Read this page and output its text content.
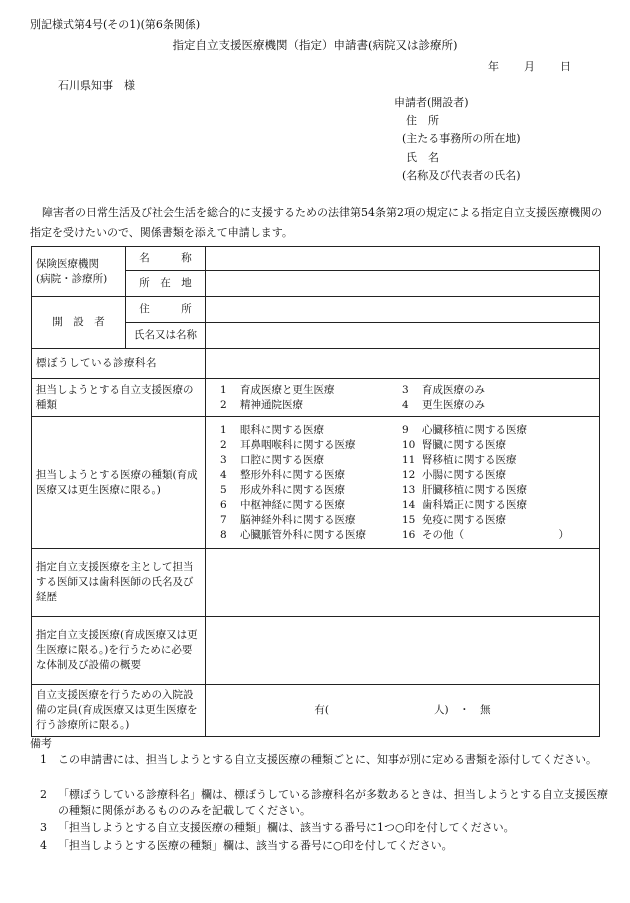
別記様式第4号(その1)(第6条関係)
指定自立支援医療機関（指定）申請書(病院又は診療所)
年 月 日
石川県知事　様
申請者(開設者)
住　所
(主たる事務所の所在地)
氏　名
(名称及び代表者の氏名)
障害者の日常生活及び社会生活を総合的に支援するための法律第54条第2項の規定による指定自立支援医療機関の指定を受けたいので、関係書類を添えて申請します。
保険医療機関
(病院・診療所)
	名　　　称	
所　在　地	
開　設　者	住　　　所	
氏名又は名称	
標ぼうしている診療科名	
担当しようとする自立支援医療の種類	
1 育成医療と更生医療	3 育成医療のみ
2 精神通院医療	4 更生医療のみ

担当しようとする医療の種類(育成医療又は更生医療に限る。)	
1 眼科に関する医療	9 心臓移植に関する医療

2 耳鼻咽喉科に関する医療	10 腎臓に関する医療

3 口腔に関する医療	11 腎移植に関する医療

4 整形外科に関する医療	12 小腸に関する医療

5 形成外科に関する医療	13 肝臓移植に関する医療

6 中枢神経に関する医療	14 歯科矯正に関する医療

7 脳神経外科に関する医療	15 免疫に関する医療

8 心臓脈管外科に関する医療	16 その他（　　　　　　　　　）

指定自立支援医療を主として担当する医師又は歯科医師の氏名及び経歴	
指定自立支援医療(育成医療又は更生医療に限る。)を行うために必要な体制及び設備の概要	
自立支援医療を行うための入院設備の定員(育成医療又は更生医療を行う診療所に限る。)	有(　　　　　　　　　　人)　・　無
備考
1 この申請書には、担当しようとする自立支援医療の種類ごとに、知事が別に定める書類を添付してください。
2 「標ぼうしている診療科名」欄は、標ぼうしている診療科名が多数あるときは、担当しようとする自立支援医療の種類に関係があるもののみを記載してください。
3 「担当しようとする自立支援医療の種類」欄は、該当する番号に1つ○印を付してください。
4 「担当しようとする医療の種類」欄は、該当する番号に○印を付してください。
